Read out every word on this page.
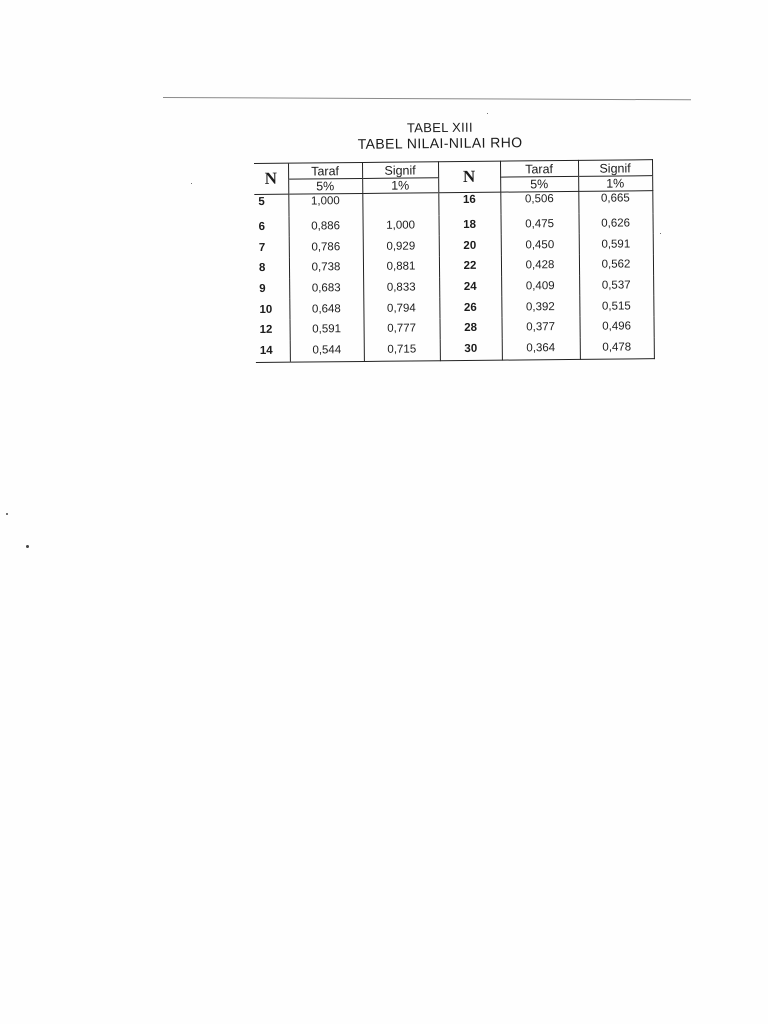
TABEL XIII
TABEL NILAI-NILAI RHO
N	Taraf	Signif	N	Taraf	Signif
	5%	1%		5%	1%
5	1,000		16	0,506	0,665
6	0,886	1,000	18	0,475	0,626
7	0,786	0,929	20	0,450	0,591
8	0,738	0,881	22	0,428	0,562
9	0,683	0,833	24	0,409	0,537
10	0,648	0,794	26	0,392	0,515
12	0,591	0,777	28	0,377	0,496
14	0,544	0,715	30	0,364	0,478
